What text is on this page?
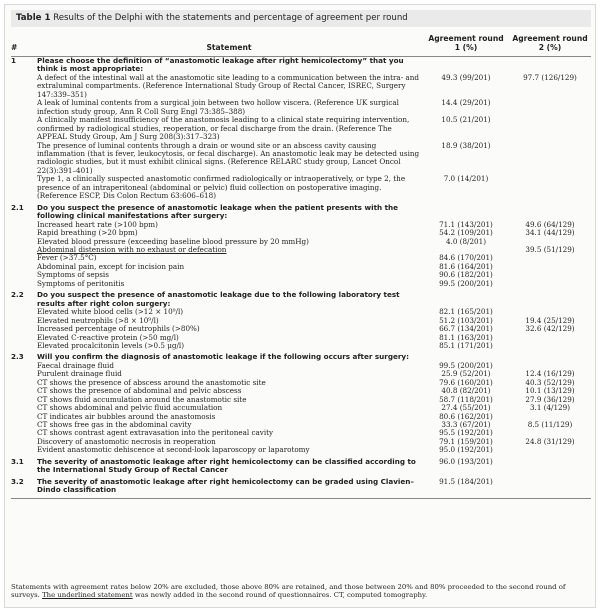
Table 1 Results of the Delphi with the statements and percentage of agreement per round
#	Statement	Agreement round 1 (%)	Agreement round 2 (%)
1	Please choose the definition of “anastomotic leakage after right hemicolectomy” that you think is most appropriate:		
	A defect of the intestinal wall at the anastomotic site leading to a communication between the intra- and extraluminal compartments. (Reference International Study Group of Rectal Cancer, ISREC, Surgery 147:339–351)	49.3 (99/201)	97.7 (126/129)
	A leak of luminal contents from a surgical join between two hollow viscera. (Reference UK surgical infection study group, Ann R Coll Surg Engl 73:385–388)	14.4 (29/201)	
	A clinically manifest insufficiency of the anastomosis leading to a clinical state requiring intervention, confirmed by radiological studies, reoperation, or fecal discharge from the drain. (Reference The APPEAL Study Group, Am J Surg 208(3):317–323)	10.5 (21/201)	
	The presence of luminal contents through a drain or wound site or an abscess cavity causing inflammation (that is fever, leukocytosis, or fecal discharge). An anastomotic leak may be detected using radiologic studies, but it must exhibit clinical signs. (Reference RELARC study group, Lancet Oncol 22(3):391–401)	18.9 (38/201)	
	Type 1, a clinically suspected anastomotic confirmed radiologically or intraoperatively, or type 2, the presence of an intraperitoneal (abdominal or pelvic) fluid collection on postoperative imaging. (Reference ESCP, Dis Colon Rectum 63:606–618)	7.0 (14/201)	
2.1	Do you suspect the presence of anastomotic leakage when the patient presents with the following clinical manifestations after surgery:		
	Increased heart rate (>100 bpm)	71.1 (143/201)	49.6 (64/129)
	Rapid breathing (>20 bpm)	54.2 (109/201)	34.1 (44/129)
	Elevated blood pressure (exceeding baseline blood pressure by 20 mmHg)	4.0 (8/201)	
	Abdominal distension with no exhaust or defecation		39.5 (51/129)
	Fever (>37.5°C)	84.6 (170/201)	
	Abdominal pain, except for incision pain	81.6 (164/201)	
	Symptoms of sepsis	90.6 (182/201)	
	Symptoms of peritonitis	99.5 (200/201)	
2.2	Do you suspect the presence of anastomotic leakage due to the following laboratory test results after right colon surgery:		
	Elevated white blood cells (>12 × 10⁹/l)	82.1 (165/201)	
	Elevated neutrophils (>8 × 10⁹/l)	51.2 (103/201)	19.4 (25/129)
	Increased percentage of neutrophils (>80%)	66.7 (134/201)	32.6 (42/129)
	Elevated C-reactive protein (>50 mg/l)	81.1 (163/201)	
	Elevated procalcitonin levels (>0.5 μg/l)	85.1 (171/201)	
2.3	Will you confirm the diagnosis of anastomotic leakage if the following occurs after surgery:		
	Faecal drainage fluid	99.5 (200/201)	
	Purulent drainage fluid	25.9 (52/201)	12.4 (16/129)
	CT shows the presence of abscess around the anastomotic site	79.6 (160/201)	40.3 (52/129)
	CT shows the presence of abdominal and pelvic abscess	40.8 (82/201)	10.1 (13/129)
	CT shows fluid accumulation around the anastomotic site	58.7 (118/201)	27.9 (36/129)
	CT shows abdominal and pelvic fluid accumulation	27.4 (55/201)	3.1 (4/129)
	CT indicates air bubbles around the anastomosis	80.6 (162/201)	
	CT shows free gas in the abdominal cavity	33.3 (67/201)	8.5 (11/129)
	CT shows contrast agent extravasation into the peritoneal cavity	95.5 (192/201)	
	Discovery of anastomotic necrosis in reoperation	79.1 (159/201)	24.8 (31/129)
	Evident anastomotic dehiscence at second-look laparoscopy or laparotomy	95.0 (192/201)	
3.1	The severity of anastomotic leakage after right hemicolectomy can be classified according to the International Study Group of Rectal Cancer	96.0 (193/201)	
3.2	The severity of anastomotic leakage after right hemicolectomy can be graded using Clavien–Dindo classification	91.5 (184/201)	
Statements with agreement rates below 20% are excluded, those above 80% are retained, and those between 20% and 80% proceeded to the second round of surveys. The underlined statement was newly added in the second round of questionnaires. CT, computed tomography.
